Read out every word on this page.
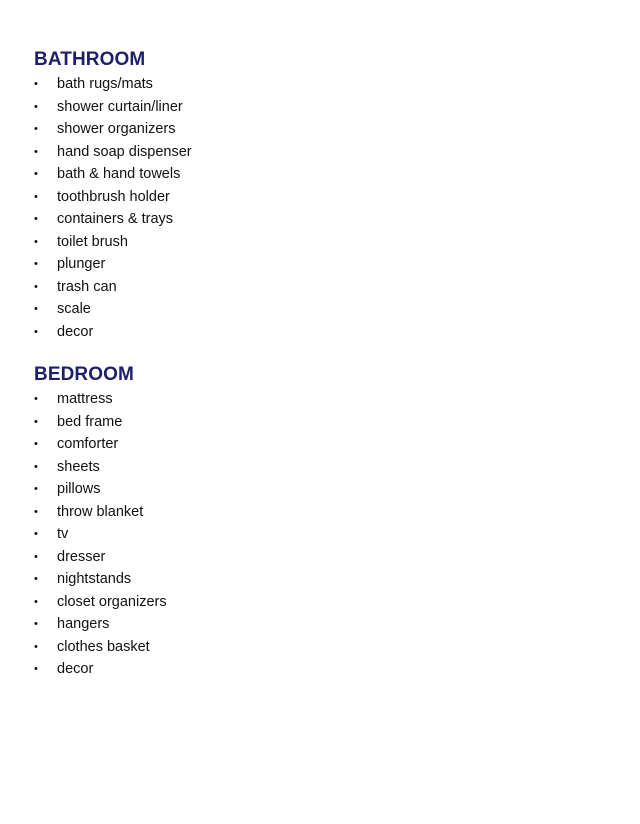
BATHROOM
• bath rugs/mats
• shower curtain/liner
• shower organizers
• hand soap dispenser
• bath & hand towels
• toothbrush holder
• containers & trays
• toilet brush
• plunger
• trash can
• scale
• decor
BEDROOM
• mattress
• bed frame
• comforter
• sheets
• pillows
• throw blanket
• tv
• dresser
• nightstands
• closet organizers
• hangers
• clothes basket
• decor
